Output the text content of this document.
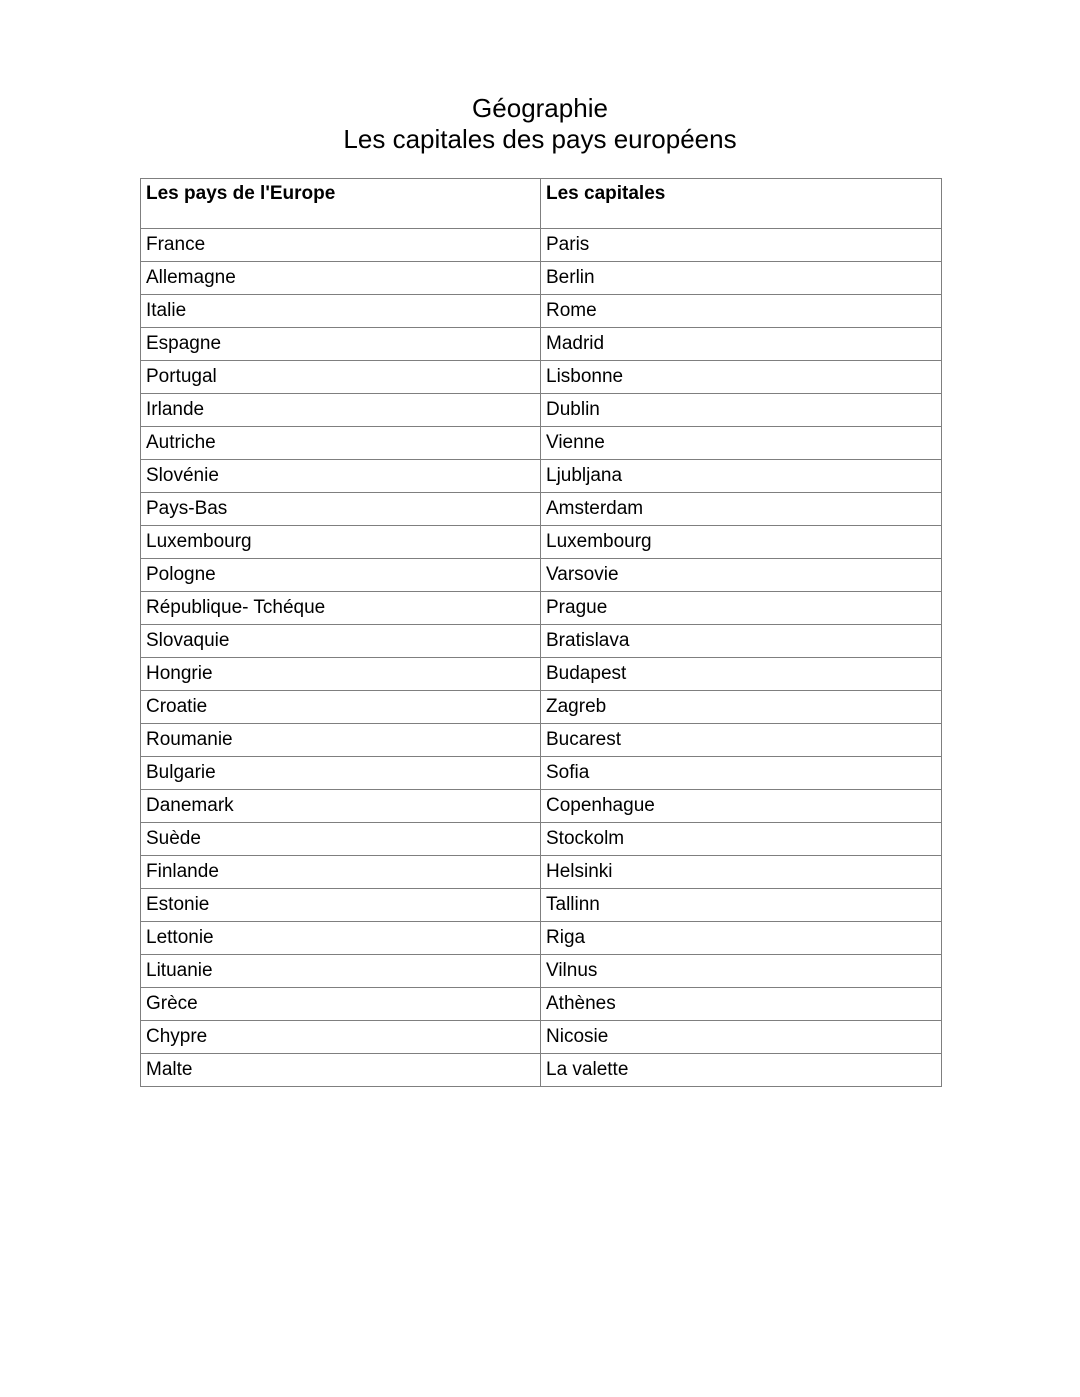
Géographie
Les capitales des pays européens
Les pays de l'Europe	Les capitales
France	Paris
Allemagne	Berlin
Italie	Rome
Espagne	Madrid
Portugal	Lisbonne
Irlande	Dublin
Autriche	Vienne
Slovénie	Ljubljana
Pays-Bas	Amsterdam
Luxembourg	Luxembourg
Pologne	Varsovie
République- Tchéque	Prague
Slovaquie	Bratislava
Hongrie	Budapest
Croatie	Zagreb
Roumanie	Bucarest
Bulgarie	Sofia
Danemark	Copenhague
Suède	Stockolm
Finlande	Helsinki
Estonie	Tallinn
Lettonie	Riga
Lituanie	Vilnus
Grèce	Athènes
Chypre	Nicosie
Malte	La valette
